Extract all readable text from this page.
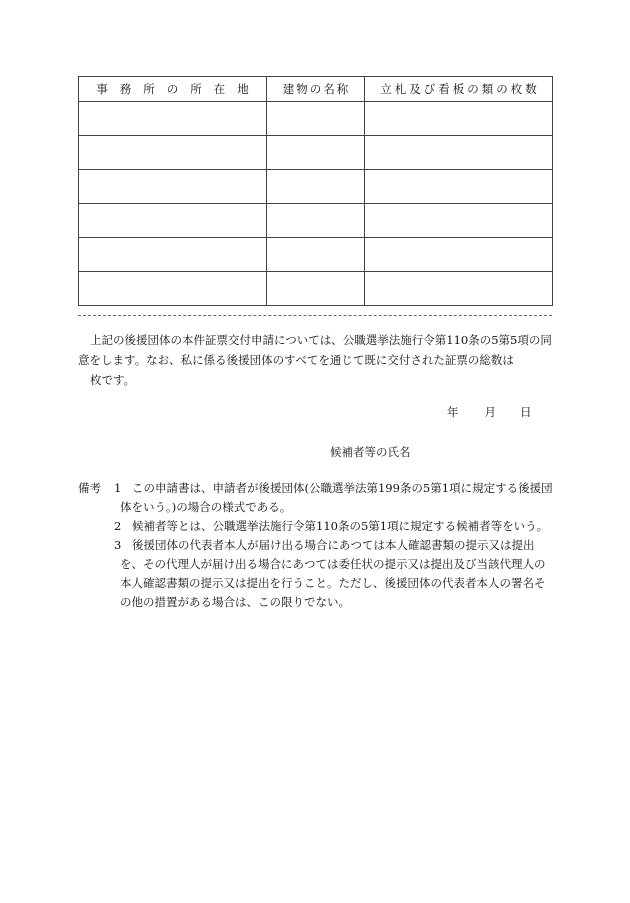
事務所の所在地	建物の名称	立札及び看板の類の枚数

上記の後援団体の本件証票交付申請については、公職選挙法施行令第110条の5第5項の同
意をします。なお、私に係る後援団体のすべてを通じて既に交付された証票の総数は
枚です。

年 月 日
候補者等の氏名
備考 1 この申請書は、申請者が後援団体(公職選挙法第199条の5第1項に規定する後援団
体をいう。)の場合の様式である。
2 候補者等とは、公職選挙法施行令第110条の5第1項に規定する候補者等をいう。
3 後援団体の代表者本人が届け出る場合にあつては本人確認書類の提示又は提出
を、その代理人が届け出る場合にあつては委任状の提示又は提出及び当該代理人の
本人確認書類の提示又は提出を行うこと。ただし、後援団体の代表者本人の署名そ
の他の措置がある場合は、この限りでない。
